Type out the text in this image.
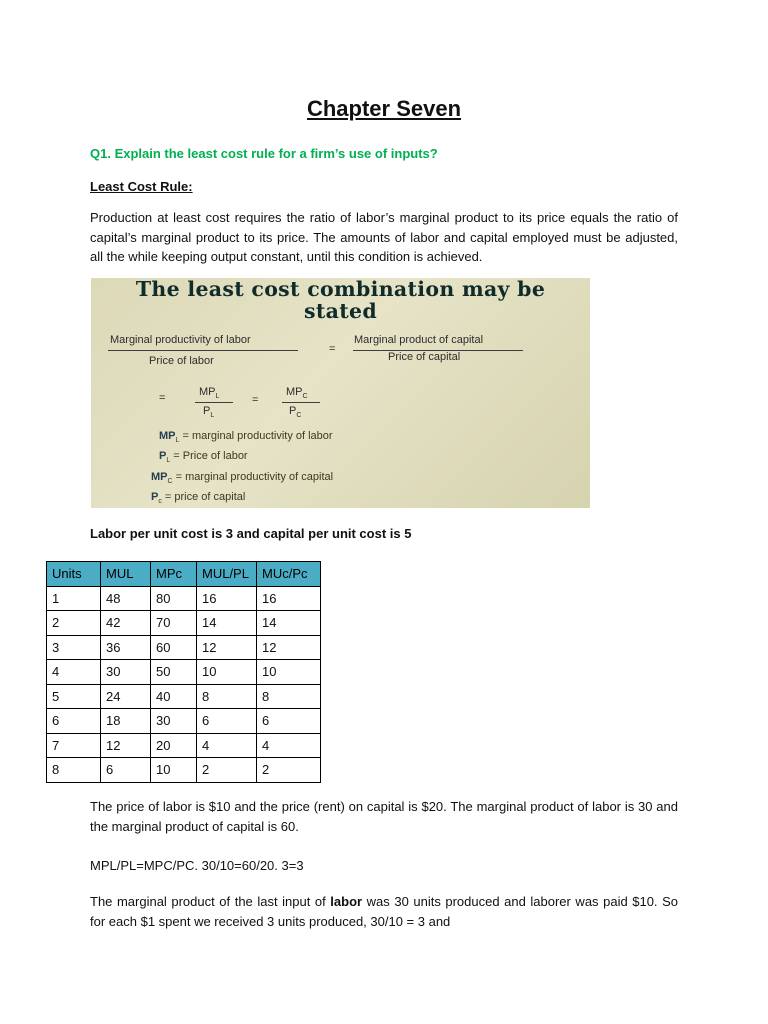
Chapter Seven
Q1. Explain the least cost rule for a firm’s use of inputs?
Least Cost Rule:
Production at least cost requires the ratio of labor’s marginal product to its price equals the ratio of capital’s marginal product to its price. The amounts of labor and capital employed must be adjusted, all the while keeping output constant, until this condition is achieved.
The least cost combination may be
stated
Marginal productivity of labor
Price of labor
=
Marginal product of capital
Price of capital
=	$MP_L$
$P_L$
=
$MP_C$
$P_C$
$MP_L$ = marginal productivity of labor
$P_L$ = Price of labor
$MP_C$ = marginal productivity of capital
$P_c$ = price of capital
Labor per unit cost is 3 and capital per unit cost is 5
Units	MUL	MPc	MUL/PL	MUc/Pc
1	48	80	16	16
2	42	70	14	14
3	36	60	12	12
4	30	50	10	10
5	24	40	8	8
6	18	30	6	6
7	12	20	4	4
8	6	10	2	2
The price of labor is $10 and the price (rent) on capital is $20. The marginal product of labor is 30 and the marginal product of capital is 60.
MPL/PL=MPC/PC. 30/10=60/20. 3=3
The marginal product of the last input of labor was 30 units produced and laborer was paid $10. So for each $1 spent we received 3 units produced, 30/10 = 3 and
